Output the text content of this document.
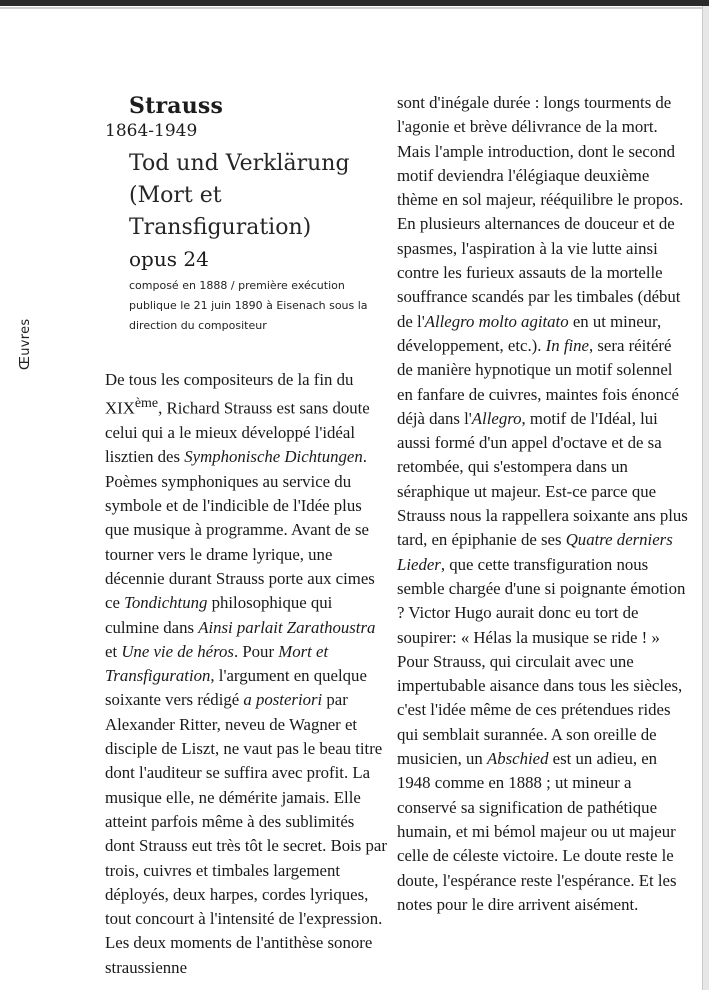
Œuvres
Strauss
1864-1949
Tod und Verklärung
(Mort et Transfiguration)
opus 24
composé en 1888 / première exécution publique le 21 juin 1890 à Eisenach sous la direction du compositeur

De tous les compositeurs de la fin du XIXème, Richard Strauss est sans doute celui qui a le mieux développé l'idéal lisztien des Symphonische Dichtungen. Poèmes symphoniques au service du symbole et de l'indicible de l'Idée plus que musique à programme. Avant de se tourner vers le drame lyrique, une décennie durant Strauss porte aux cimes ce Tondichtung philosophique qui culmine dans Ainsi parlait Zarathoustra et Une vie de héros. Pour Mort et Transfiguration, l'argument en quelque soixante vers rédigé a posteriori par Alexander Ritter, neveu de Wagner et disciple de Liszt, ne vaut pas le beau titre dont l'auditeur se suffira avec profit. La musique elle, ne démérite jamais. Elle atteint parfois même à des sublimités dont Strauss eut très tôt le secret. Bois par trois, cuivres et timbales largement déployés, deux harpes, cordes lyriques, tout concourt à l'intensité de l'expression. Les deux moments de l'antithèse sonore straussienne

sont d'inégale durée : longs tourments de l'agonie et brève délivrance de la mort. Mais l'ample introduction, dont le second motif deviendra l'élégiaque deuxième thème en sol majeur, rééquilibre le propos. En plusieurs alternances de douceur et de spasmes, l'aspiration à la vie lutte ainsi contre les furieux assauts de la mortelle souffrance scandés par les timbales (début de l'Allegro molto agitato en ut mineur, développement, etc.). In fine, sera réitéré de manière hypnotique un motif solennel en fanfare de cuivres, maintes fois énoncé déjà dans l'Allegro, motif de l'Idéal, lui aussi formé d'un appel d'octave et de sa retombée, qui s'estompera dans un séraphique ut majeur. Est-ce parce que Strauss nous la rappellera soixante ans plus tard, en épiphanie de ses Quatre derniers Lieder, que cette transfiguration nous semble chargée d'une si poignante émotion ? Victor Hugo aurait donc eu tort de soupirer: « Hélas la musique se ride ! » Pour Strauss, qui circulait avec une impertubable aisance dans tous les siècles, c'est l'idée même de ces prétendues rides qui semblait surannée. A son oreille de musicien, un Abschied est un adieu, en 1948 comme en 1888 ; ut mineur a conservé sa signification de pathétique humain, et mi bémol majeur ou ut majeur celle de céleste victoire. Le doute reste le doute, l'espérance reste l'espérance. Et les notes pour le dire arrivent aisément.
